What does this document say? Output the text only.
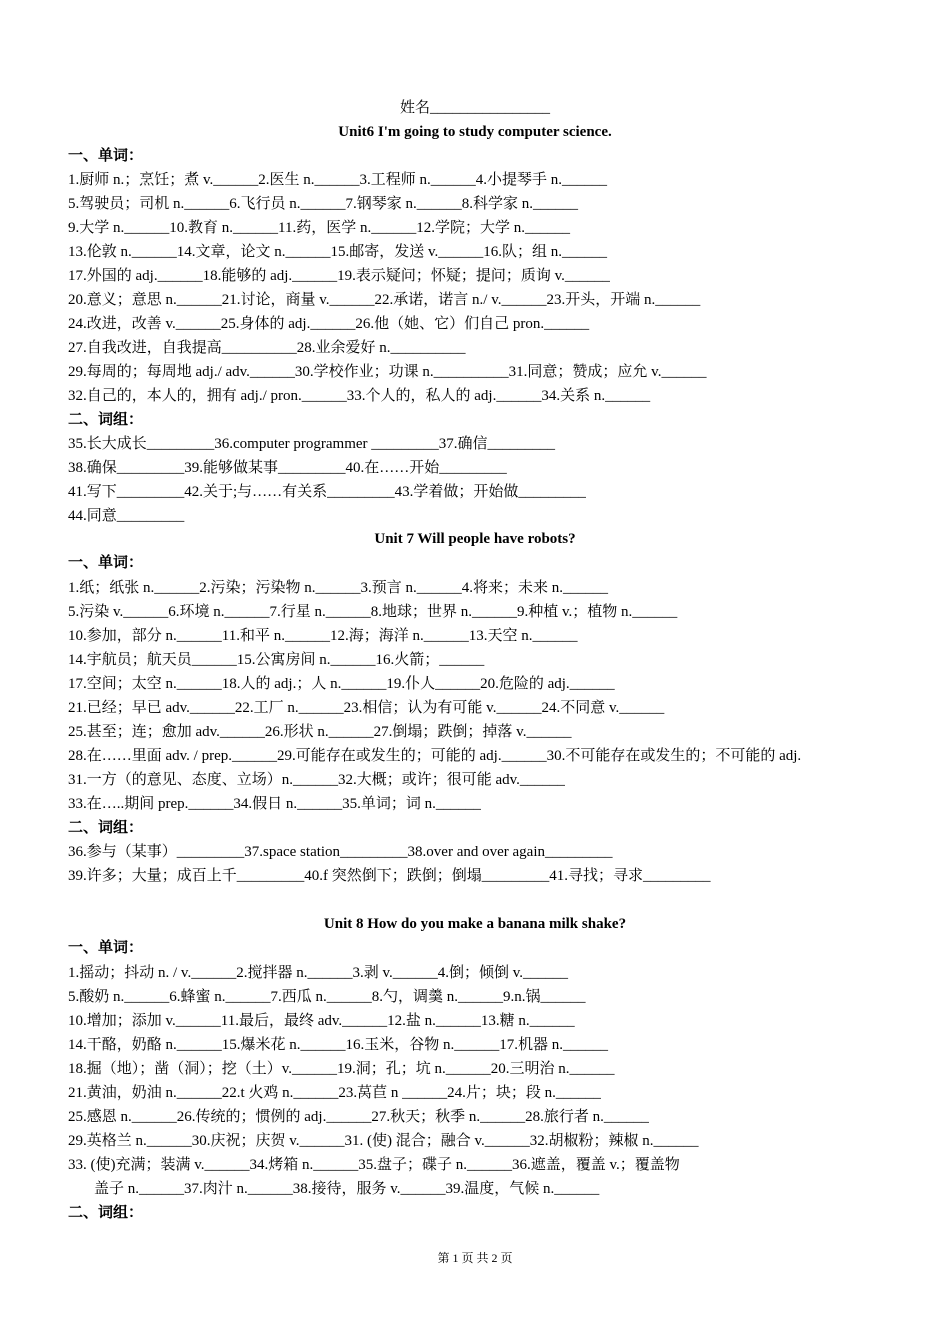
姓名________________
Unit6 I'm going to study computer science.
一、单词：
1.厨师 n.；烹饪；煮 v.______2.医生 n.______3.工程师 n.______4.小提琴手 n.______
5.驾驶员；司机 n.______6.飞行员 n.______7.钢琴家 n.______8.科学家 n.______
9.大学 n.______10.教育 n.______11.药，医学 n.______12.学院；大学 n.______
13.伦敦 n.______14.文章，论文 n.______15.邮寄，发送 v.______16.队；组 n.______
17.外国的 adj.______18.能够的 adj.______19.表示疑问；怀疑；提问；质询 v.______
20.意义；意思 n.______21.讨论，商量 v.______22.承诺，诺言 n./ v.______23.开头，开端 n.______
24.改进，改善 v.______25.身体的 adj.______26.他（她、它）们自己 pron.______
27.自我改进，自我提高__________28.业余爱好 n.__________
29.每周的；每周地 adj./ adv.______30.学校作业；功课 n.__________31.同意；赞成；应允 v.______
32.自己的，本人的，拥有 adj./ pron.______33.个人的，私人的 adj.______34.关系 n.______
二、词组：
35.长大成长_________36.computer programmer _________37.确信_________
38.确保_________39.能够做某事_________40.在……开始_________
41.写下_________42.关于;与……有关系_________43.学着做；开始做_________
44.同意_________
Unit 7 Will people have robots?
一、单词：
1.纸；纸张 n.______2.污染；污染物 n.______3.预言 n.______4.将来；未来 n.______
5.污染 v.______6.环境 n.______7.行星 n.______8.地球；世界 n.______9.种植 v.；植物 n.______
10.参加，部分 n.______11.和平 n.______12.海；海洋 n.______13.天空 n.______
14.宇航员；航天员______15.公寓房间 n.______16.火箭；______
17.空间；太空 n.______18.人的 adj.；人 n.______19.仆人______20.危险的 adj.______
21.已经；早已 adv.______22.工厂 n.______23.相信；认为有可能 v.______24.不同意 v.______
25.甚至；连；愈加 adv.______26.形状 n.______27.倒塌；跌倒；掉落 v.______
28.在……里面 adv. / prep.______29.可能存在或发生的；可能的 adj.______30.不可能存在或发生的；不可能的 adj.
31.一方（的意见、态度、立场）n.______32.大概；或许；很可能 adv.______
33.在…..期间 prep.______34.假日 n.______35.单词；词 n.______
二、词组：
36.参与（某事）_________37.space station_________38.over and over again_________
39.许多；大量；成百上千_________40.f 突然倒下；跌倒；倒塌_________41.寻找；寻求_________
Unit 8 How do you make a banana milk shake?
一、单词：
1.摇动；抖动 n. / v.______2.搅拌器 n.______3.剥 v.______4.倒；倾倒 v.______
5.酸奶 n.______6.蜂蜜 n.______7.西瓜 n.______8.勺，调羹 n.______9.n.锅______
10.增加；添加 v.______11.最后，最终 adv.______12.盐 n.______13.糖 n.______
14.干酪，奶酪 n.______15.爆米花 n.______16.玉米，谷物 n.______17.机器 n.______
18.掘（地）；凿（洞）；挖（土）v.______19.洞；孔；坑 n.______20.三明治 n.______
21.黄油，奶油 n.______22.t 火鸡 n.______23.莴苣 n ______24.片；块；段 n.______
25.感恩 n.______26.传统的；惯例的 adj.______27.秋天；秋季 n.______28.旅行者 n.______
29.英格兰 n.______30.庆祝；庆贺 v.______31. (使) 混合；融合 v.______32.胡椒粉；辣椒 n.______
33. (使)充满；装满 v.______34.烤箱 n.______35.盘子；碟子 n.______36.遮盖，覆盖 v.；覆盖物
盖子 n.______37.肉汁 n.______38.接待，服务 v.______39.温度，气候 n.______
二、词组：
第 1 页 共 2 页
